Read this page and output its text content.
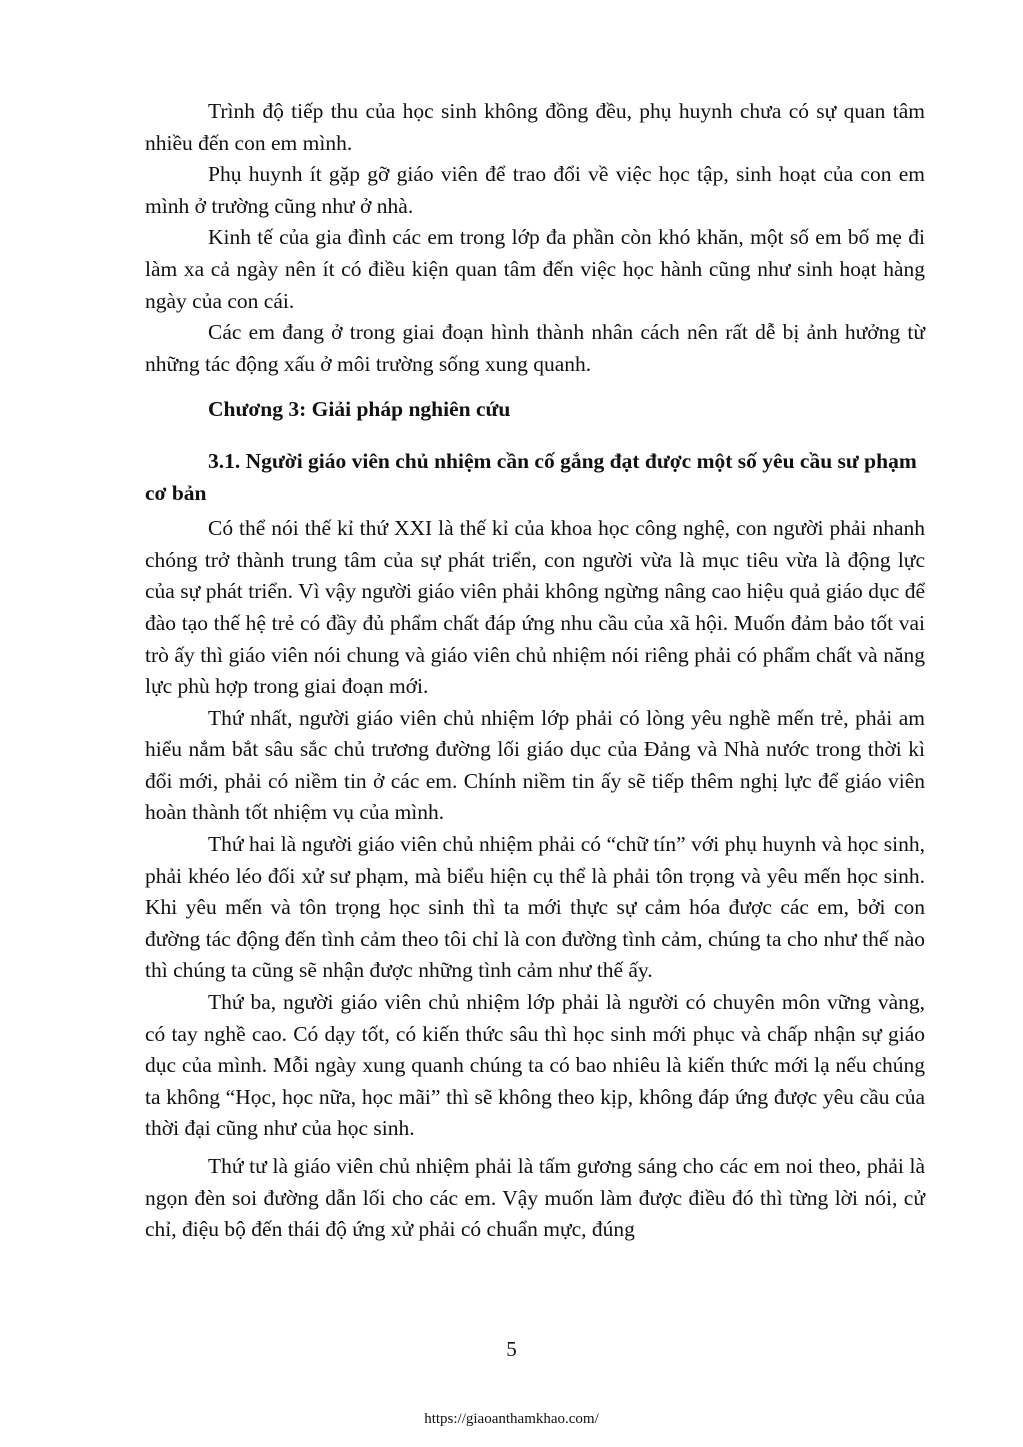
Trình độ tiếp thu của học sinh không đồng đều, phụ huynh chưa có sự quan tâm nhiều đến con em mình.

Phụ huynh ít gặp gỡ giáo viên để trao đổi về việc học tập, sinh hoạt của con em mình ở trường cũng như ở nhà.

Kinh tế của gia đình các em trong lớp đa phần còn khó khăn, một số em bố mẹ đi làm xa cả ngày nên ít có điều kiện quan tâm đến việc học hành cũng như sinh hoạt hàng ngày của con cái.

Các em đang ở trong giai đoạn hình thành nhân cách nên rất dễ bị ảnh hưởng từ những tác động xấu ở môi trường sống xung quanh.

Chương 3: Giải pháp nghiên cứu

3.1. Người giáo viên chủ nhiệm cần cố gắng đạt được một số yêu cầu sư phạm cơ bản

Có thể nói thế kỉ thứ XXI là thế kỉ của khoa học công nghệ, con người phải nhanh chóng trở thành trung tâm của sự phát triển, con người vừa là mục tiêu vừa là động lực của sự phát triển. Vì vậy người giáo viên phải không ngừng nâng cao hiệu quả giáo dục để đào tạo thế hệ trẻ có đầy đủ phẩm chất đáp ứng nhu cầu của xã hội. Muốn đảm bảo tốt vai trò ấy thì giáo viên nói chung và giáo viên chủ nhiệm nói riêng phải có phẩm chất và năng lực phù hợp trong giai đoạn mới.

Thứ nhất, người giáo viên chủ nhiệm lớp phải có lòng yêu nghề mến trẻ, phải am hiểu nắm bắt sâu sắc chủ trương đường lối giáo dục của Đảng và Nhà nước trong thời kì đổi mới, phải có niềm tin ở các em. Chính niềm tin ấy sẽ tiếp thêm nghị lực để giáo viên hoàn thành tốt nhiệm vụ của mình.

Thứ hai là người giáo viên chủ nhiệm phải có “chữ tín” với phụ huynh và học sinh, phải khéo léo đối xử sư phạm, mà biểu hiện cụ thể là phải tôn trọng và yêu mến học sinh. Khi yêu mến và tôn trọng học sinh thì ta mới thực sự cảm hóa được các em, bởi con đường tác động đến tình cảm theo tôi chỉ là con đường tình cảm, chúng ta cho như thế nào thì chúng ta cũng sẽ nhận được những tình cảm như thế ấy.

Thứ ba, người giáo viên chủ nhiệm lớp phải là người có chuyên môn vững vàng, có tay nghề cao. Có dạy tốt, có kiến thức sâu thì học sinh mới phục và chấp nhận sự giáo dục của mình. Mỗi ngày xung quanh chúng ta có bao nhiêu là kiến thức mới lạ nếu chúng ta không “Học, học nữa, học mãi” thì sẽ không theo kịp, không đáp ứng được yêu cầu của thời đại cũng như của học sinh.

Thứ tư là giáo viên chủ nhiệm phải là tấm gương sáng cho các em noi theo, phải là ngọn đèn soi đường dẫn lối cho các em. Vậy muốn làm được điều đó thì từng lời nói, cử chỉ, điệu bộ đến thái độ ứng xử phải có chuẩn mực, đúng

5
https://giaoanthamkhao.com/
